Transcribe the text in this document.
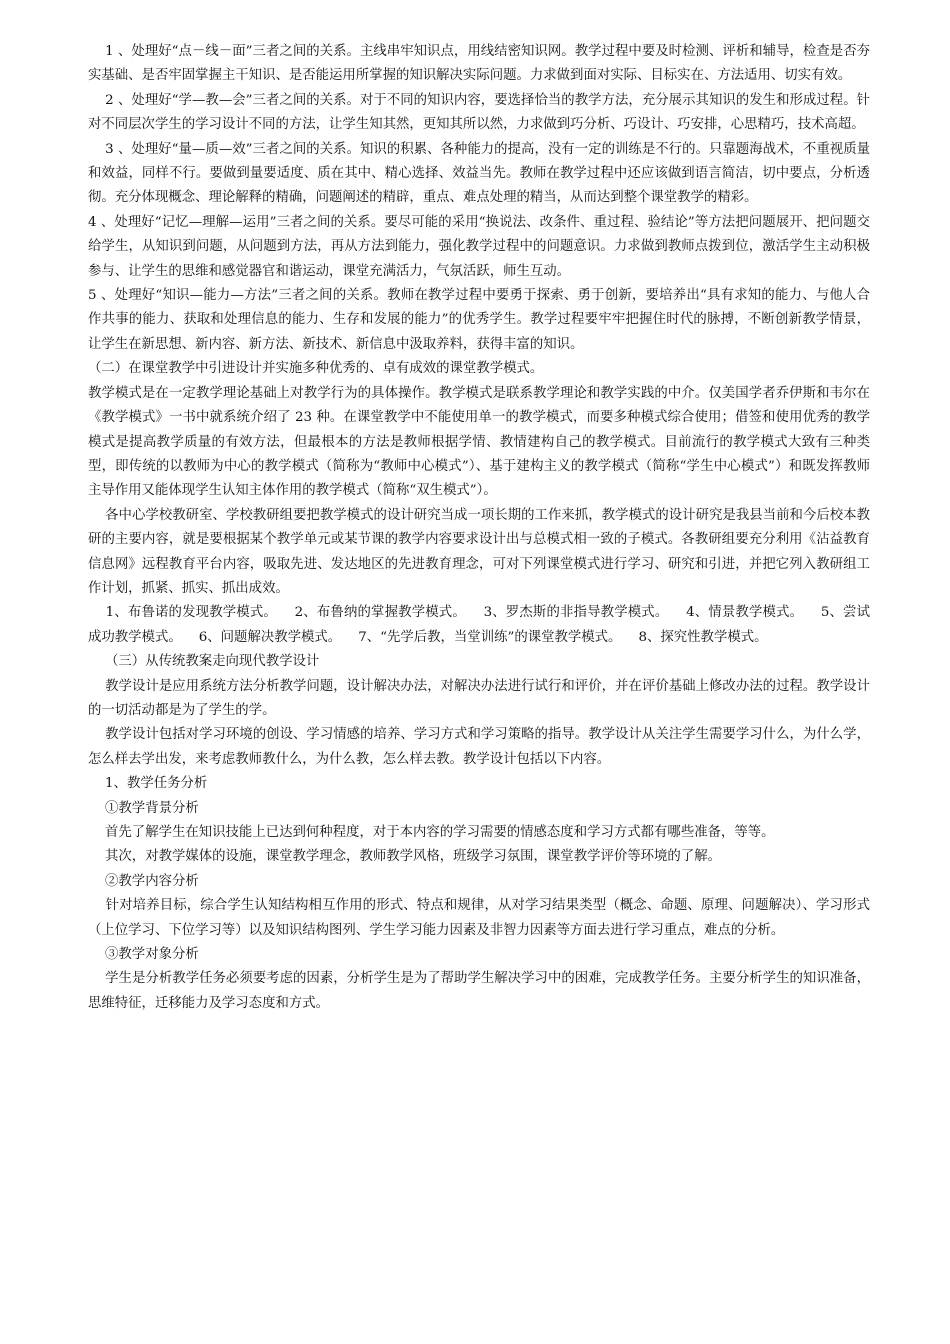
1 、处理好“点－线－面”三者之间的关系。主线串牢知识点，用线结密知识网。教学过程中要及时检测、评析和辅导，检查是否夯实基础、是否牢固掌握主干知识、是否能运用所掌握的知识解决实际问题。力求做到面对实际、目标实在、方法适用、切实有效。

2 、处理好“学—教—会”三者之间的关系。对于不同的知识内容，要选择恰当的教学方法，充分展示其知识的发生和形成过程。针对不同层次学生的学习设计不同的方法，让学生知其然，更知其所以然，力求做到巧分析、巧设计、巧安排，心思精巧，技术高超。

3 、处理好“量—质—效”三者之间的关系。知识的积累、各种能力的提高，没有一定的训练是不行的。只靠题海战术，不重视质量和效益，同样不行。要做到量要适度、质在其中、精心选择、效益当先。教师在教学过程中还应该做到语言简洁，切中要点，分析透彻。充分体现概念、理论解释的精确，问题阐述的精辟，重点、难点处理的精当，从而达到整个课堂教学的精彩。

4 、处理好“记忆—理解—运用”三者之间的关系。要尽可能的采用“换说法、改条件、重过程、验结论”等方法把问题展开、把问题交给学生，从知识到问题，从问题到方法，再从方法到能力，强化教学过程中的问题意识。力求做到教师点拨到位，激活学生主动积极参与、让学生的思维和感觉器官和谐运动，课堂充满活力，气氛活跃，师生互动。

5 、处理好“知识—能力—方法”三者之间的关系。教师在教学过程中要勇于探索、勇于创新，要培养出“具有求知的能力、与他人合作共事的能力、获取和处理信息的能力、生存和发展的能力”的优秀学生。教学过程要牢牢把握住时代的脉搏，不断创新教学情景，让学生在新思想、新内容、新方法、新技术、新信息中汲取养料，获得丰富的知识。

（二）在课堂教学中引进设计并实施多种优秀的、卓有成效的课堂教学模式。

教学模式是在一定教学理论基础上对教学行为的具体操作。教学模式是联系教学理论和教学实践的中介。仅美国学者乔伊斯和韦尔在《教学模式》一书中就系统介绍了 23 种。在课堂教学中不能使用单一的教学模式，而要多种模式综合使用；借签和使用优秀的教学模式是提高教学质量的有效方法，但最根本的方法是教师根据学情、教情建构自己的教学模式。目前流行的教学模式大致有三种类型，即传统的以教师为中心的教学模式（简称为“教师中心模式”）、基于建构主义的教学模式（简称“学生中心模式”）和既发挥教师主导作用又能体现学生认知主体作用的教学模式（简称“双生模式”）。

各中心学校教研室、学校教研组要把教学模式的设计研究当成一项长期的工作来抓，教学模式的设计研究是我县当前和今后校本教研的主要内容，就是要根据某个教学单元或某节课的教学内容要求设计出与总模式相一致的子模式。各教研组要充分利用《沾益教育信息网》远程教育平台内容，吸取先进、发达地区的先进教育理念，可对下列课堂模式进行学习、研究和引进，并把它列入教研组工作计划，抓紧、抓实、抓出成效。

1、布鲁诺的发现教学模式。    2、布鲁纳的掌握教学模式。    3、罗杰斯的非指导教学模式。    4、情景教学模式。    5、尝试成功教学模式。    6、问题解决教学模式。    7、“先学后教，当堂训练”的课堂教学模式。    8、探究性教学模式。

（三）从传统教案走向现代教学设计

教学设计是应用系统方法分析教学问题，设计解决办法，对解决办法进行试行和评价，并在评价基础上修改办法的过程。教学设计的一切活动都是为了学生的学。

教学设计包括对学习环境的创设、学习情感的培养、学习方式和学习策略的指导。教学设计从关注学生需要学习什么，为什么学，怎么样去学出发，来考虑教师教什么，为什么教，怎么样去教。教学设计包括以下内容。

1、教学任务分析

①教学背景分析

首先了解学生在知识技能上已达到何种程度，对于本内容的学习需要的情感态度和学习方式都有哪些准备，等等。

其次，对教学媒体的设施，课堂教学理念，教师教学风格，班级学习氛围，课堂教学评价等环境的了解。

②教学内容分析

针对培养目标，综合学生认知结构相互作用的形式、特点和规律，从对学习结果类型（概念、命题、原理、问题解决）、学习形式（上位学习、下位学习等）以及知识结构图列、学生学习能力因素及非智力因素等方面去进行学习重点，难点的分析。

③教学对象分析

学生是分析教学任务必须要考虑的因素，分析学生是为了帮助学生解决学习中的困难，完成教学任务。主要分析学生的知识准备，思维特征，迁移能力及学习态度和方式。
